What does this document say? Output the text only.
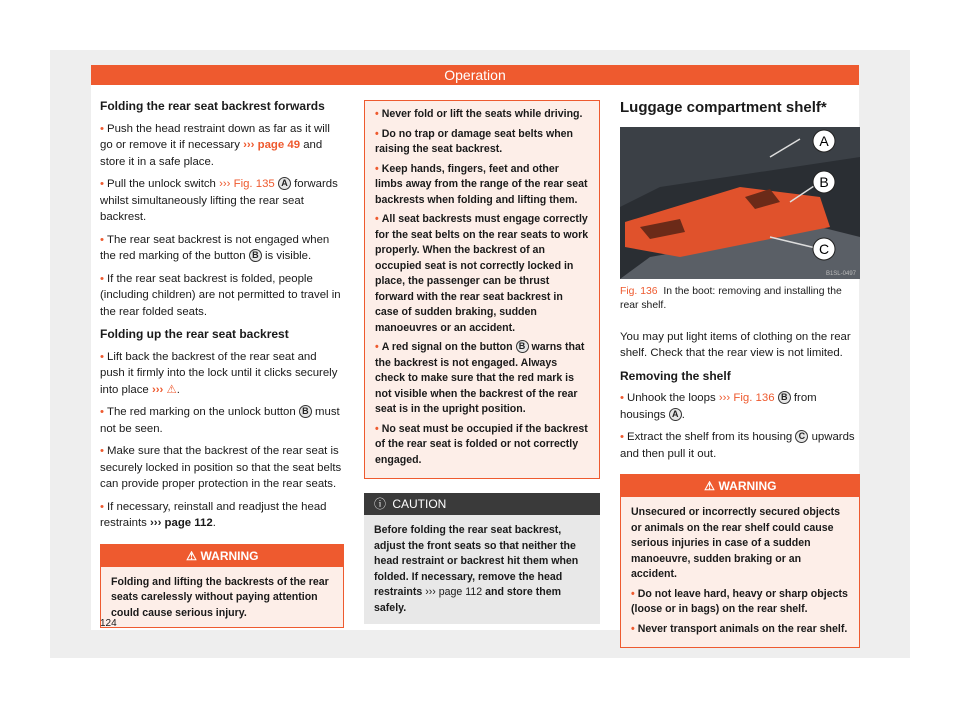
Operation
Folding the rear seat backrest forwards

• Push the head restraint down as far as it will go or remove it if necessary ››› page 49 and store it in a safe place.

• Pull the unlock switch ››› Fig. 135 A forwards whilst simultaneously lifting the rear seat backrest.

• The rear seat backrest is not engaged when the red marking of the button B is visible.

• If the rear seat backrest is folded, people (including children) are not permitted to travel in the rear folded seats.

Folding up the rear seat backrest

• Lift back the backrest of the rear seat and push it firmly into the lock until it clicks securely into place ››› ⚠.

• The red marking on the unlock button B must not be seen.

• Make sure that the backrest of the rear seat is securely locked in position so that the seat belts can provide proper protection in the rear seats.

• If necessary, reinstall and readjust the head restraints ››› page 112.

⚠ WARNING
Folding and lifting the backrests of the rear seats carelessly without paying attention could cause serious injury.

• Never fold or lift the seats while driving.

• Do no trap or damage seat belts when raising the seat backrest.

• Keep hands, fingers, feet and other limbs away from the range of the rear seat backrests when folding and lifting them.

• All seat backrests must engage correctly for the seat belts on the rear seats to work properly. When the backrest of an occupied seat is not correctly locked in place, the passenger can be thrust forward with the rear seat backrest in case of sudden braking, sudden manoeuvres or an accident.

• A red signal on the button B warns that the backrest is not engaged. Always check to make sure that the red mark is not visible when the backrest of the rear seat is in the upright position.

• No seat must be occupied if the backrest of the rear seat is folded or not correctly engaged.

ⓘ CAUTION
Before folding the rear seat backrest, adjust the front seats so that neither the head restraint or backrest hit them when folded. If necessary, remove the head restraints ››› page 112 and store them safely.

Luggage compartment shelf*

A
B
C
B1SL-0497
Fig. 136 In the boot: removing and installing the rear shelf.

You may put light items of clothing on the rear shelf. Check that the rear view is not limited.

Removing the shelf

• Unhook the loops ››› Fig. 136 B from housings A .

• Extract the shelf from its housing C upwards and then pull it out.

⚠ WARNING

Unsecured or incorrectly secured objects or animals on the rear shelf could cause serious injuries in case of a sudden manoeuvre, sudden braking or an accident.

• Do not leave hard, heavy or sharp objects (loose or in bags) on the rear shelf.

• Never transport animals on the rear shelf.

124
